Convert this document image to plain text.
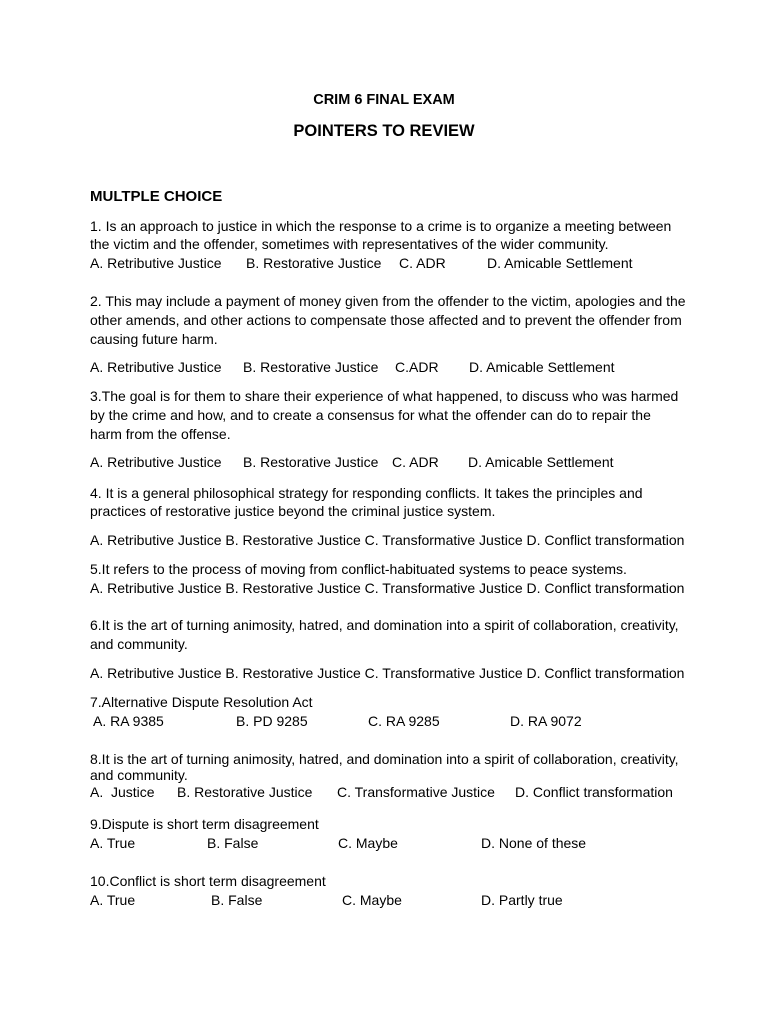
CRIM 6 FINAL EXAM
POINTERS TO REVIEW
MULTPLE CHOICE
1. Is an approach to justice in which the response to a crime is to organize a meeting between
the victim and the offender, sometimes with representatives of the wider community.
A. Retributive Justice B. Restorative Justice C. ADR	D. Amicable Settlement
2. This may include a payment of money given from the offender to the victim, apologies and the
other amends, and other actions to compensate those affected and to prevent the offender from
causing future harm.
A. Retributive Justice B. Restorative Justice C.ADR D. Amicable Settlement
3.The goal is for them to share their experience of what happened, to discuss who was harmed
by the crime and how, and to create a consensus for what the offender can do to repair the
harm from the offense.
A. Retributive Justice B. Restorative Justice C. ADR D. Amicable Settlement
4. It is a general philosophical strategy for responding conflicts. It takes the principles and
practices of restorative justice beyond the criminal justice system.
A. Retributive Justice B. Restorative Justice C. Transformative Justice D. Conflict transformation
5.It refers to the process of moving from conflict-habituated systems to peace systems.
A. Retributive Justice B. Restorative Justice C. Transformative Justice D. Conflict transformation
6.It is the art of turning animosity, hatred, and domination into a spirit of collaboration, creativity,
and community.
A. Retributive Justice B. Restorative Justice C. Transformative Justice D. Conflict transformation
7.Alternative Dispute Resolution Act
A. RA 9385	B. PD 9285	C. RA 9285	D. RA 9072
8.It is the art of turning animosity, hatred, and domination into a spirit of collaboration, creativity,
and community.
A.  Justice B. Restorative Justice C. Transformative Justice D. Conflict transformation
9.Dispute is short term disagreement
A. True	B. False	C. Maybe	D. None of these
10.Conflict is short term disagreement
A. True	B. False	C. Maybe	D. Partly true
